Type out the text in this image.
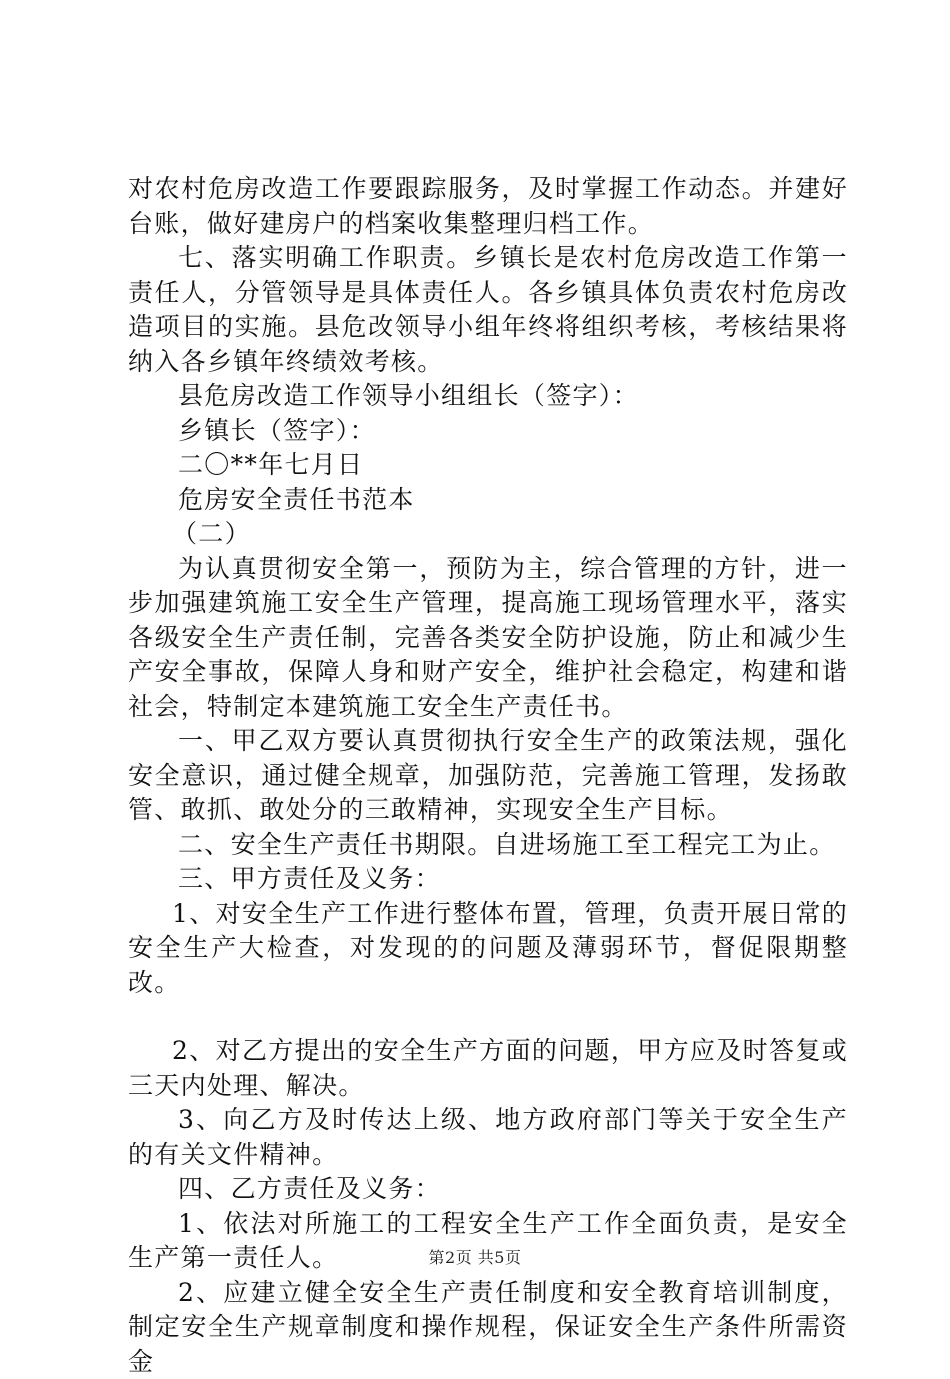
对农村危房改造工作要跟踪服务，及时掌握工作动态。并建好台账，做好建房户的档案收集整理归档工作。

七、落实明确工作职责。乡镇长是农村危房改造工作第一责任人，分管领导是具体责任人。各乡镇具体负责农村危房改造项目的实施。县危改领导小组年终将组织考核，考核结果将纳入各乡镇年终绩效考核。

县危房改造工作领导小组组长（签字）：

乡镇长（签字）：

二〇**年七月日

危房安全责任书范本

（二）

为认真贯彻安全第一，预防为主，综合管理的方针，进一步加强建筑施工安全生产管理，提高施工现场管理水平，落实各级安全生产责任制，完善各类安全防护设施，防止和减少生产安全事故，保障人身和财产安全，维护社会稳定，构建和谐社会，特制定本建筑施工安全生产责任书。

一、甲乙双方要认真贯彻执行安全生产的政策法规，强化安全意识，通过健全规章，加强防范，完善施工管理，发扬敢管、敢抓、敢处分的三敢精神，实现安全生产目标。

二、安全生产责任书期限。自进场施工至工程完工为止。

三、甲方责任及义务：

1、对安全生产工作进行整体布置，管理，负责开展日常的安全生产大检查，对发现的的问题及薄弱环节，督促限期整改。

2、对乙方提出的安全生产方面的问题，甲方应及时答复或三天内处理、解决。

3、向乙方及时传达上级、地方政府部门等关于安全生产的有关文件精神。

四、乙方责任及义务：

1、依法对所施工的工程安全生产工作全面负责，是安全生产第一责任人。

2、应建立健全安全生产责任制度和安全教育培训制度，制定安全生产规章制度和操作规程，保证安全生产条件所需资金

第2页 共5页
